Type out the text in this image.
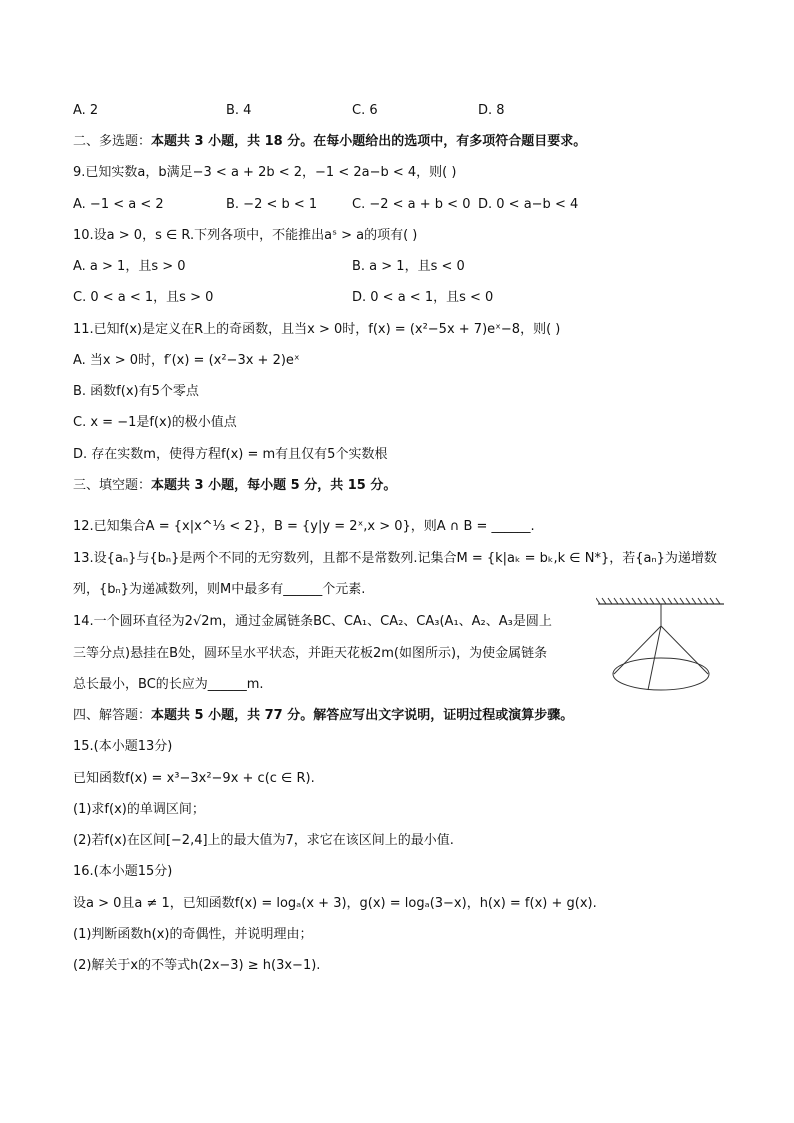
A. 2	B. 4	C. 6	D. 8
二、多选题：本题共 3 小题，共 18 分。在每小题给出的选项中，有多项符合题目要求。
9.已知实数a，b满足−3 < a + 2b < 2，−1 < 2a−b < 4，则( )
A. −1 < a < 2	B. −2 < b < 1	C. −2 < a + b < 0 D. 0 < a−b < 4
10.设a > 0，s ∈ R.下列各项中，不能推出aˢ > a的项有( )
A. a > 1，且s > 0	B. a > 1，且s < 0
C. 0 < a < 1，且s > 0	D. 0 < a < 1，且s < 0
11.已知f(x)是定义在R上的奇函数，且当x > 0时，f(x) = (x²−5x + 7)eˣ−8，则( )
A. 当x > 0时，f′(x) = (x²−3x + 2)eˣ
B. 函数f(x)有5个零点
C. x = −1是f(x)的极小值点
D. 存在实数m，使得方程f(x) = m有且仅有5个实数根
三、填空题：本题共 3 小题，每小题 5 分，共 15 分。
12.已知集合A = {x|x^⅓ < 2}，B = {y|y = 2ˣ,x > 0}，则A ∩ B = ______.
13.设{aₙ}与{bₙ}是两个不同的无穷数列，且都不是常数列.记集合M = {k|aₖ = bₖ,k ∈ N*}，若{aₙ}为递增数
列，{bₙ}为递减数列，则M中最多有______个元素.
14.一个圆环直径为2√2m，通过金属链条BC、CA₁、CA₂、CA₃(A₁、A₂、A₃是圆上
三等分点)悬挂在B处，圆环呈水平状态，并距天花板2m(如图所示)，为使金属链条
总长最小，BC的长应为______m.
四、解答题：本题共 5 小题，共 77 分。解答应写出文字说明，证明过程或演算步骤。
15.(本小题13分)
已知函数f(x) = x³−3x²−9x + c(c ∈ R).
(1)求f(x)的单调区间；
(2)若f(x)在区间[−2,4]上的最大值为7，求它在该区间上的最小值.
16.(本小题15分)
设a > 0且a ≠ 1，已知函数f(x) = logₐ(x + 3)，g(x) = logₐ(3−x)，h(x) = f(x) + g(x).
(1)判断函数h(x)的奇偶性，并说明理由；
(2)解关于x的不等式h(2x−3) ≥ h(3x−1).
